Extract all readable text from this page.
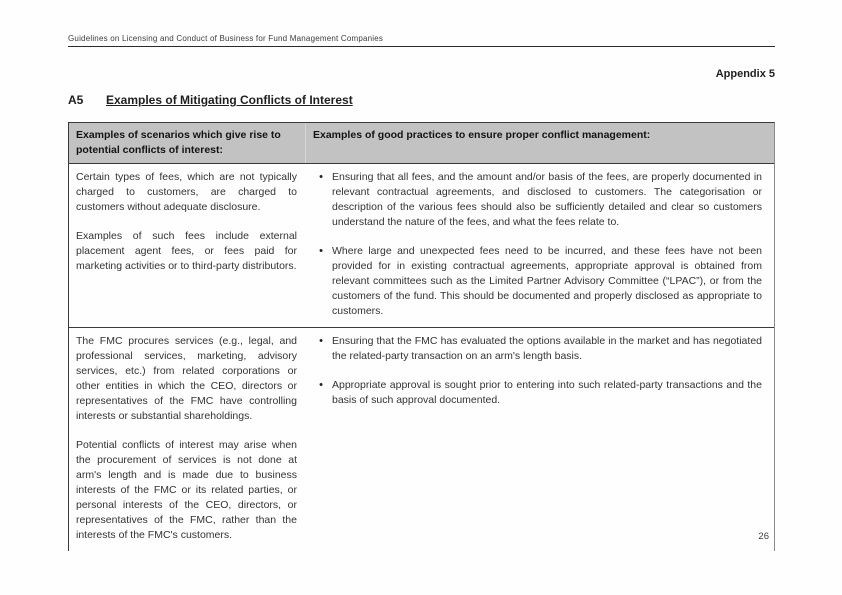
Guidelines on Licensing and Conduct of Business for Fund Management Companies
Appendix 5
A5	Examples of Mitigating Conflicts of Interest
Examples of scenarios which give rise to potential conflicts of interest:
Examples of good practices to ensure proper conflict management:

Certain types of fees, which are not typically charged to customers, are charged to customers without adequate disclosure.

Examples of such fees include external placement agent fees, or fees paid for marketing activities or to third-party distributors.

•
Ensuring that all fees, and the amount and/or basis of the fees, are properly documented in relevant contractual agreements, and disclosed to customers. The categorisation or description of the various fees should also be sufficiently detailed and clear so customers understand the nature of the fees, and what the fees relate to.
•
Where large and unexpected fees need to be incurred, and these fees have not been provided for in existing contractual agreements, appropriate approval is obtained from relevant committees such as the Limited Partner Advisory Committee (“LPAC”), or from the customers of the fund. This should be documented and properly disclosed as appropriate to customers.

The FMC procures services (e.g., legal, and professional services, marketing, advisory services, etc.) from related corporations or other entities in which the CEO, directors or representatives of the FMC have controlling interests or substantial shareholdings.

Potential conflicts of interest may arise when the procurement of services is not done at arm's length and is made due to business interests of the FMC or its related parties, or personal interests of the CEO, directors, or representatives of the FMC, rather than the interests of the FMC's customers.

•
Ensuring that the FMC has evaluated the options available in the market and has negotiated the related-party transaction on an arm's length basis.
•
Appropriate approval is sought prior to entering into such related-party transactions and the basis of such approval documented.
26
